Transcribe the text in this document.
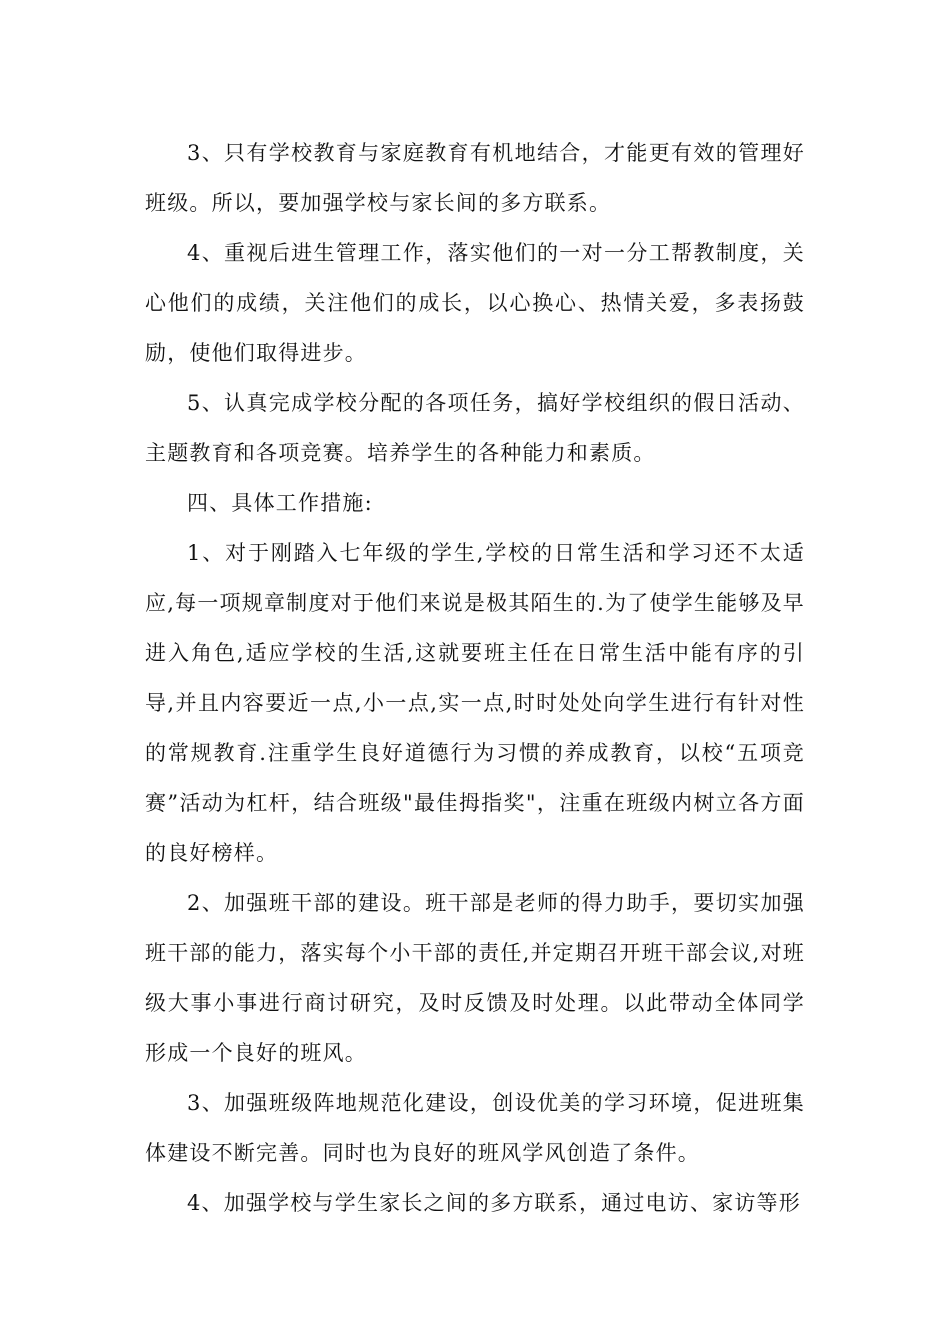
3、只有学校教育与家庭教育有机地结合，才能更有效的管理好班级。所以，要加强学校与家长间的多方联系。

4、重视后进生管理工作，落实他们的一对一分工帮教制度，关心他们的成绩，关注他们的成长，以心换心、热情关爱，多表扬鼓励，使他们取得进步。

5、认真完成学校分配的各项任务，搞好学校组织的假日活动、主题教育和各项竞赛。培养学生的各种能力和素质。

四、具体工作措施:

1、对于刚踏入七年级的学生,学校的日常生活和学习还不太适应,每一项规章制度对于他们来说是极其陌生的.为了使学生能够及早进入角色,适应学校的生活,这就要班主任在日常生活中能有序的引导,并且内容要近一点,小一点,实一点,时时处处向学生进行有针对性的常规教育.注重学生良好道德行为习惯的养成教育，以校“五项竞赛”活动为杠杆，结合班级"最佳拇指奖"，注重在班级内树立各方面的良好榜样。

2、加强班干部的建设。班干部是老师的得力助手，要切实加强班干部的能力，落实每个小干部的责任,并定期召开班干部会议,对班级大事小事进行商讨研究，及时反馈及时处理。以此带动全体同学形成一个良好的班风。

3、加强班级阵地规范化建设，创设优美的学习环境，促进班集体建设不断完善。同时也为良好的班风学风创造了条件。

4、加强学校与学生家长之间的多方联系，通过电访、家访等形
